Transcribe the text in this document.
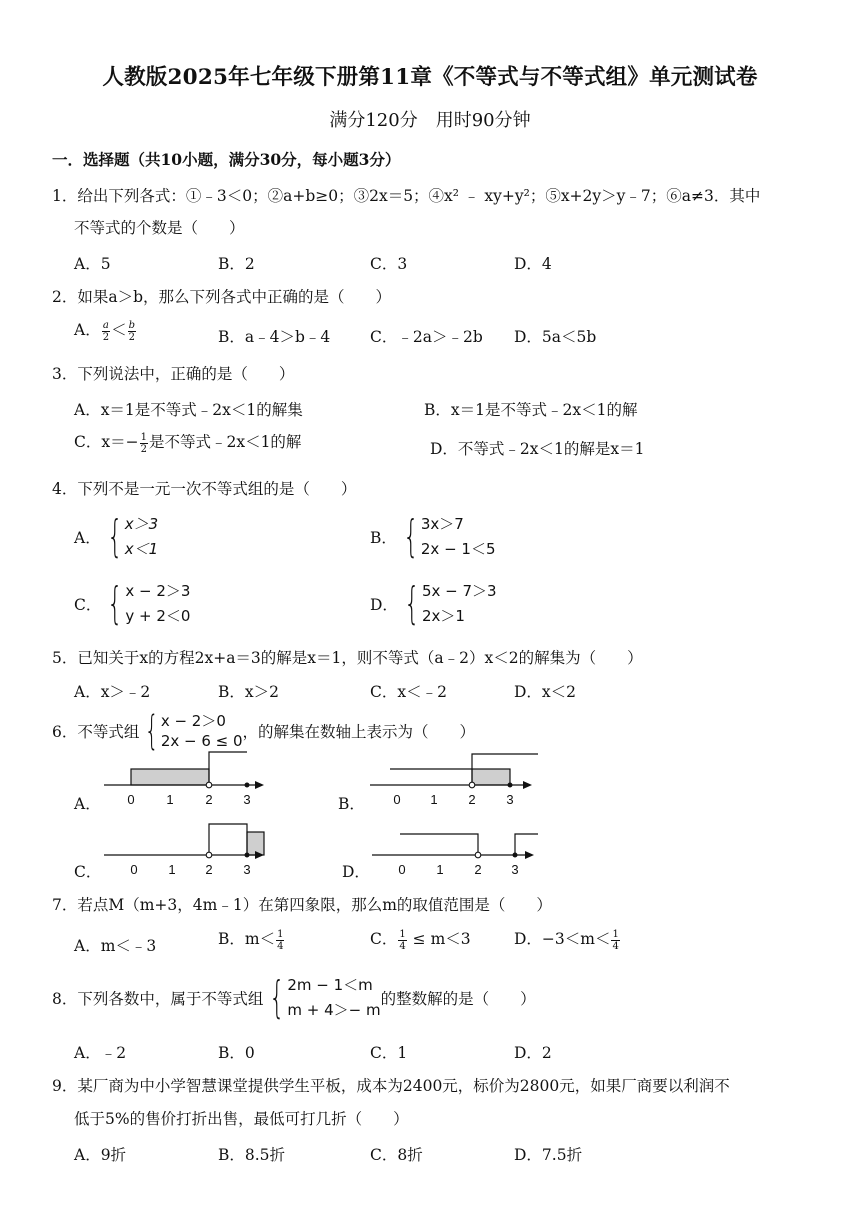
人教版2025年七年级下册第11章《不等式与不等式组》单元测试卷
满分120分　用时90分钟
一．选择题（共10小题，满分30分，每小题3分）
1．给出下列各式：①﹣3＜0；②a+b≥0；③2x＝5；④x² ﹣ xy+y²；⑤x+2y＞y﹣7；⑥a≠3．其中
不等式的个数是（　　）
A．5	B．2	C．3	D．4
2．如果a＞b，那么下列各式中正确的是（　　）
A． $\frac{a}{2} < \frac{b}{2}$	B．a﹣4＞b﹣4	C．﹣2a＞﹣2b D．5a＜5b
3．下列说法中，正确的是（　　）
A．x＝1是不等式﹣2x＜1的解集	B．x＝1是不等式﹣2x＜1的解
C．$x=- \frac{1}{2}$ 是不等式﹣2x＜1的解	D．不等式﹣2x＜1的解是x＝1
4．下列不是一元一次不等式组的是（　　）
A． { x＞3
x＜1
B． { 3x＞7
2x − 1＜5
C． { x − 2＞3
y + 2＜0
D． { 5x − 7＞3
2x＞1
5．已知关于x的方程2x+a＝3的解是x＝1，则不等式（a﹣2）x＜2的解集为（　　）
A．x＞﹣2	B．x＞2	C．x＜﹣2	D．x＜2
6．不等式组 { x − 2＞0
2x − 6 ≤ 0 ，的解集在数轴上表示为（　　）
A． 0 1 2 3	B． 0 1 2 3
C． 0 1 2 3	D． 0 1 2 3
7．若点M（m+3，4m﹣1）在第四象限，那么m的取值范围是（　　）
A．m＜﹣3	B．$m< \frac{1}{4}$	C． $\frac{1}{4} \le m<3$	D．$-3<m< \frac{1}{4}$
8．下列各数中，属于不等式组 { 2m − 1＜m
m + 4＞− m
的整数解的是（　　）
A．﹣2	B．0	C．1	D．2
9．某厂商为中小学智慧课堂提供学生平板，成本为2400元，标价为2800元，如果厂商要以利润不
低于5%的售价打折出售，最低可打几折（　　）
A．9折	B．8.5折	C．8折	D．7.5折
